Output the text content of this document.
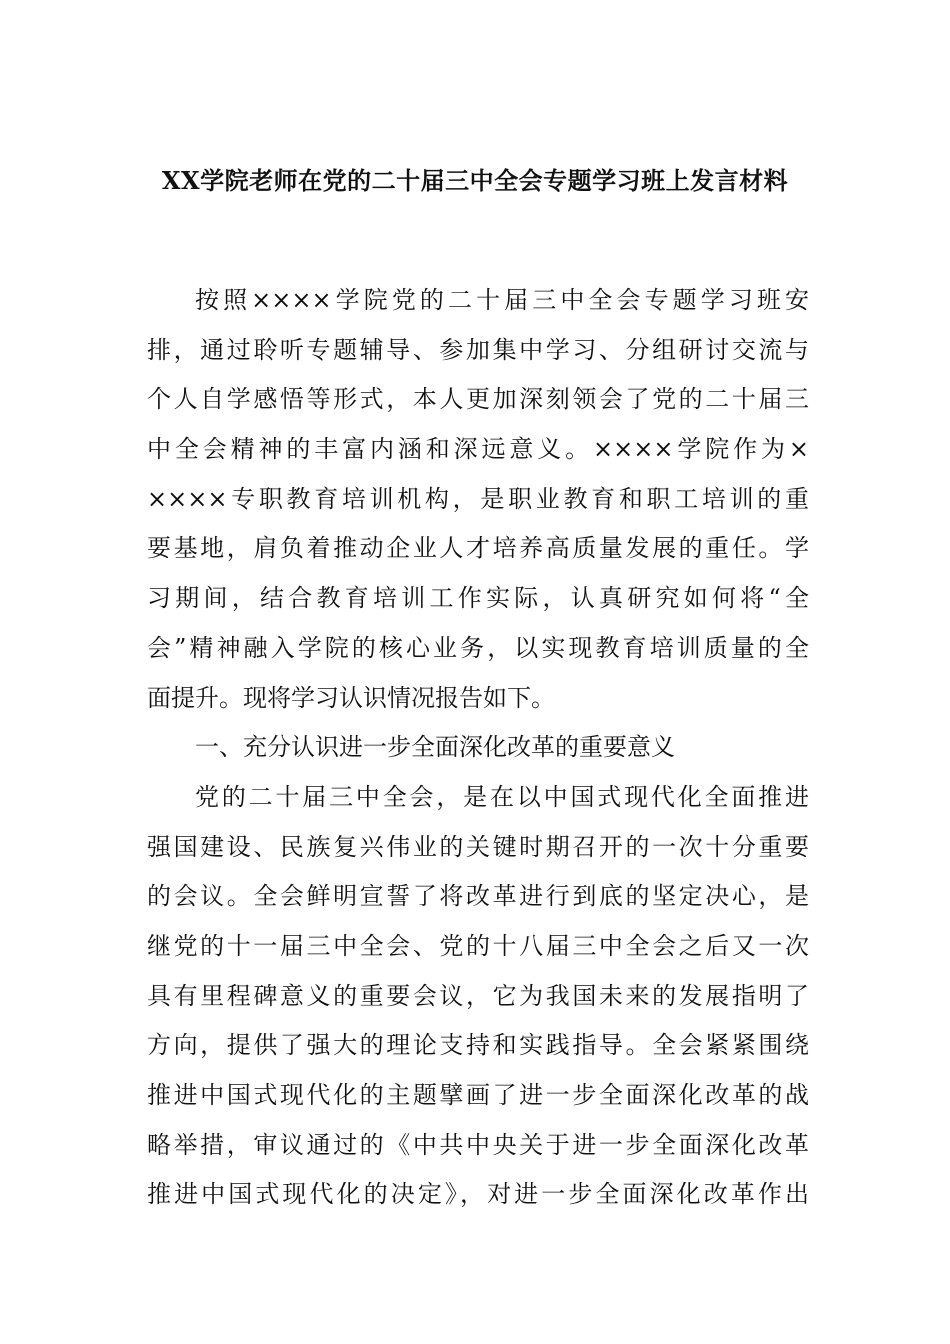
XX学院老师在党的二十届三中全会专题学习班上发言材料
按照××××学院党的二十届三中全会专题学习班安
排，通过聆听专题辅导、参加集中学习、分组研讨交流与
个人自学感悟等形式，本人更加深刻领会了党的二十届三
中全会精神的丰富内涵和深远意义。××××学院作为×
××××专职教育培训机构，是职业教育和职工培训的重
要基地，肩负着推动企业人才培养高质量发展的重任。学
习期间，结合教育培训工作实际，认真研究如何将“全
会”精神融入学院的核心业务，以实现教育培训质量的全
面提升。现将学习认识情况报告如下。
一、充分认识进一步全面深化改革的重要意义
党的二十届三中全会，是在以中国式现代化全面推进
强国建设、民族复兴伟业的关键时期召开的一次十分重要
的会议。全会鲜明宣誓了将改革进行到底的坚定决心，是
继党的十一届三中全会、党的十八届三中全会之后又一次
具有里程碑意义的重要会议，它为我国未来的发展指明了
方向，提供了强大的理论支持和实践指导。全会紧紧围绕
推进中国式现代化的主题擘画了进一步全面深化改革的战
略举措，审议通过的《中共中央关于进一步全面深化改革
推进中国式现代化的决定》，对进一步全面深化改革作出
